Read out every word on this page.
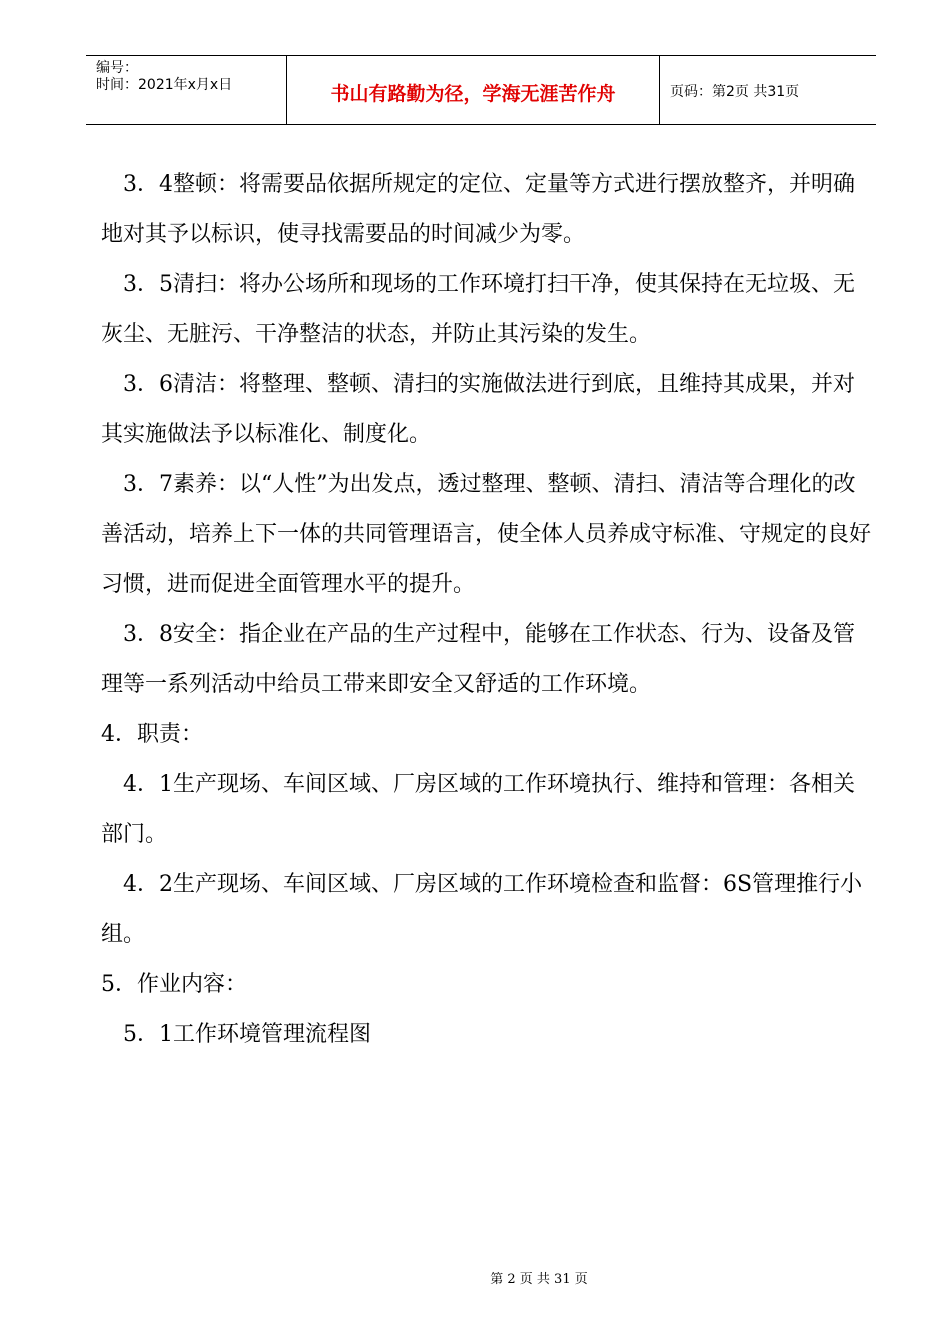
编号：
时间：2021年x月x日	书山有路勤为径，学海无涯苦作舟	页码：第2页 共31页

3．4整顿：将需要品依据所规定的定位、定量等方式进行摆放整齐，并明确地对其予以标识，使寻找需要品的时间减少为零。

3．5清扫：将办公场所和现场的工作环境打扫干净，使其保持在无垃圾、无灰尘、无脏污、干净整洁的状态，并防止其污染的发生。

3．6清洁：将整理、整顿、清扫的实施做法进行到底，且维持其成果，并对其实施做法予以标准化、制度化。

3．7素养：以“人性”为出发点，透过整理、整顿、清扫、清洁等合理化的改善活动，培养上下一体的共同管理语言，使全体人员养成守标准、守规定的良好习惯，进而促进全面管理水平的提升。

3．8安全：指企业在产品的生产过程中，能够在工作状态、行为、设备及管理等一系列活动中给员工带来即安全又舒适的工作环境。

4．职责：

4．1生产现场、车间区域、厂房区域的工作环境执行、维持和管理：各相关部门。

4．2生产现场、车间区域、厂房区域的工作环境检查和监督：6S管理推行小组。

5．作业内容：

5．1工作环境管理流程图

第 2 页 共 31 页
